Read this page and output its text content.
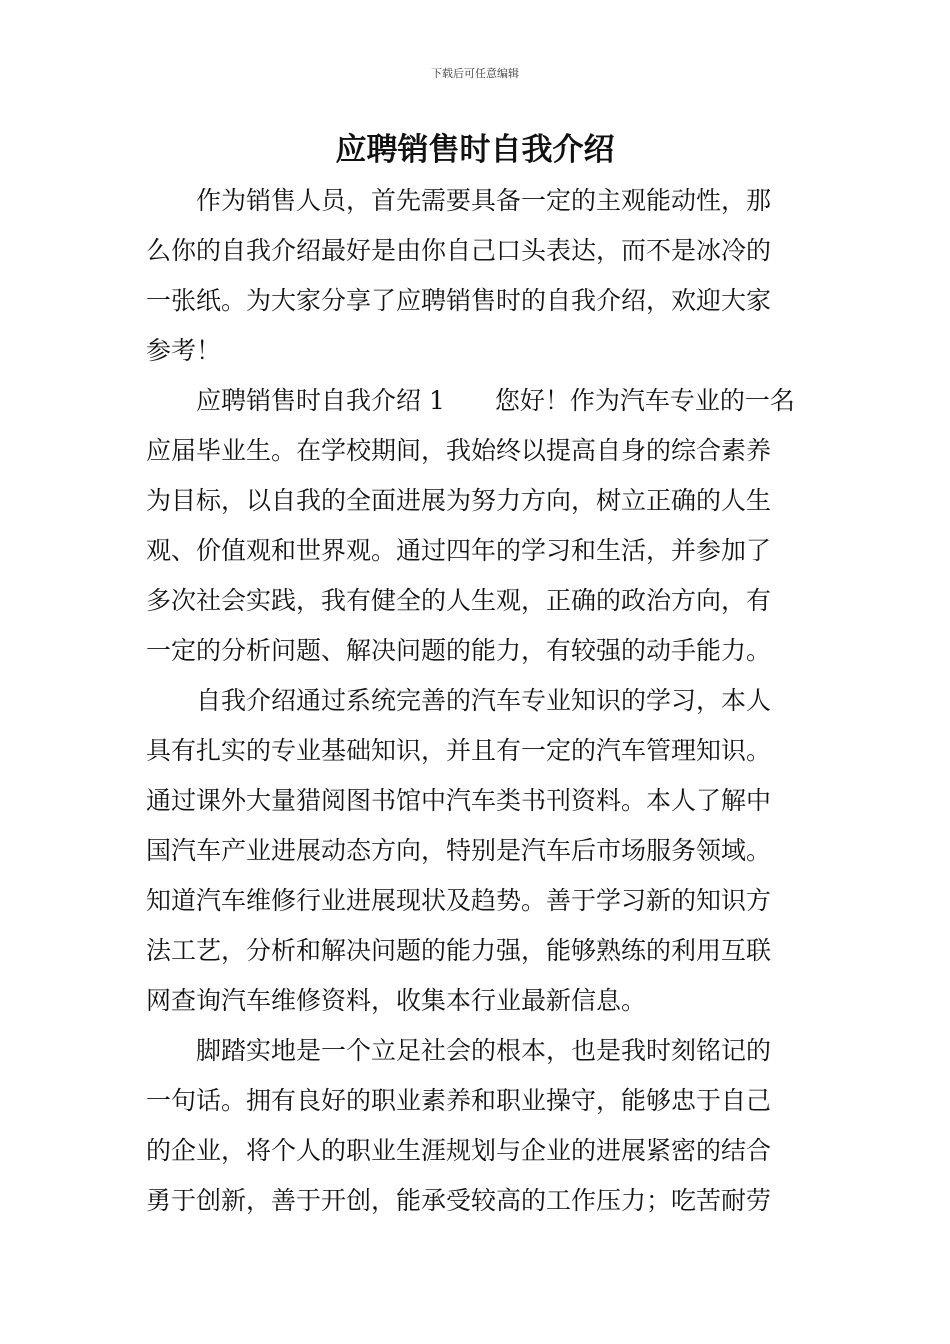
下载后可任意编辑
应聘销售时自我介绍
作为销售人员，首先需要具备一定的主观能动性，那
么你的自我介绍最好是由你自己口头表达，而不是冰冷的
一张纸。为大家分享了应聘销售时的自我介绍，欢迎大家
参考！
应聘销售时自我介绍 1 您好！作为汽车专业的一名
应届毕业生。在学校期间，我始终以提高自身的综合素养
为目标，以自我的全面进展为努力方向，树立正确的人生
观、价值观和世界观。通过四年的学习和生活，并参加了
多次社会实践，我有健全的人生观，正确的政治方向，有
一定的分析问题、解决问题的能力，有较强的动手能力。
自我介绍通过系统完善的汽车专业知识的学习，本人
具有扎实的专业基础知识，并且有一定的汽车管理知识。
通过课外大量猎阅图书馆中汽车类书刊资料。本人了解中
国汽车产业进展动态方向，特别是汽车后市场服务领域。
知道汽车维修行业进展现状及趋势。善于学习新的知识方
法工艺，分析和解决问题的能力强，能够熟练的利用互联
网查询汽车维修资料，收集本行业最新信息。
脚踏实地是一个立足社会的根本，也是我时刻铭记的
一句话。拥有良好的职业素养和职业操守，能够忠于自己
的企业，将个人的职业生涯规划与企业的进展紧密的结合
勇于创新，善于开创，能承受较高的工作压力；吃苦耐劳
